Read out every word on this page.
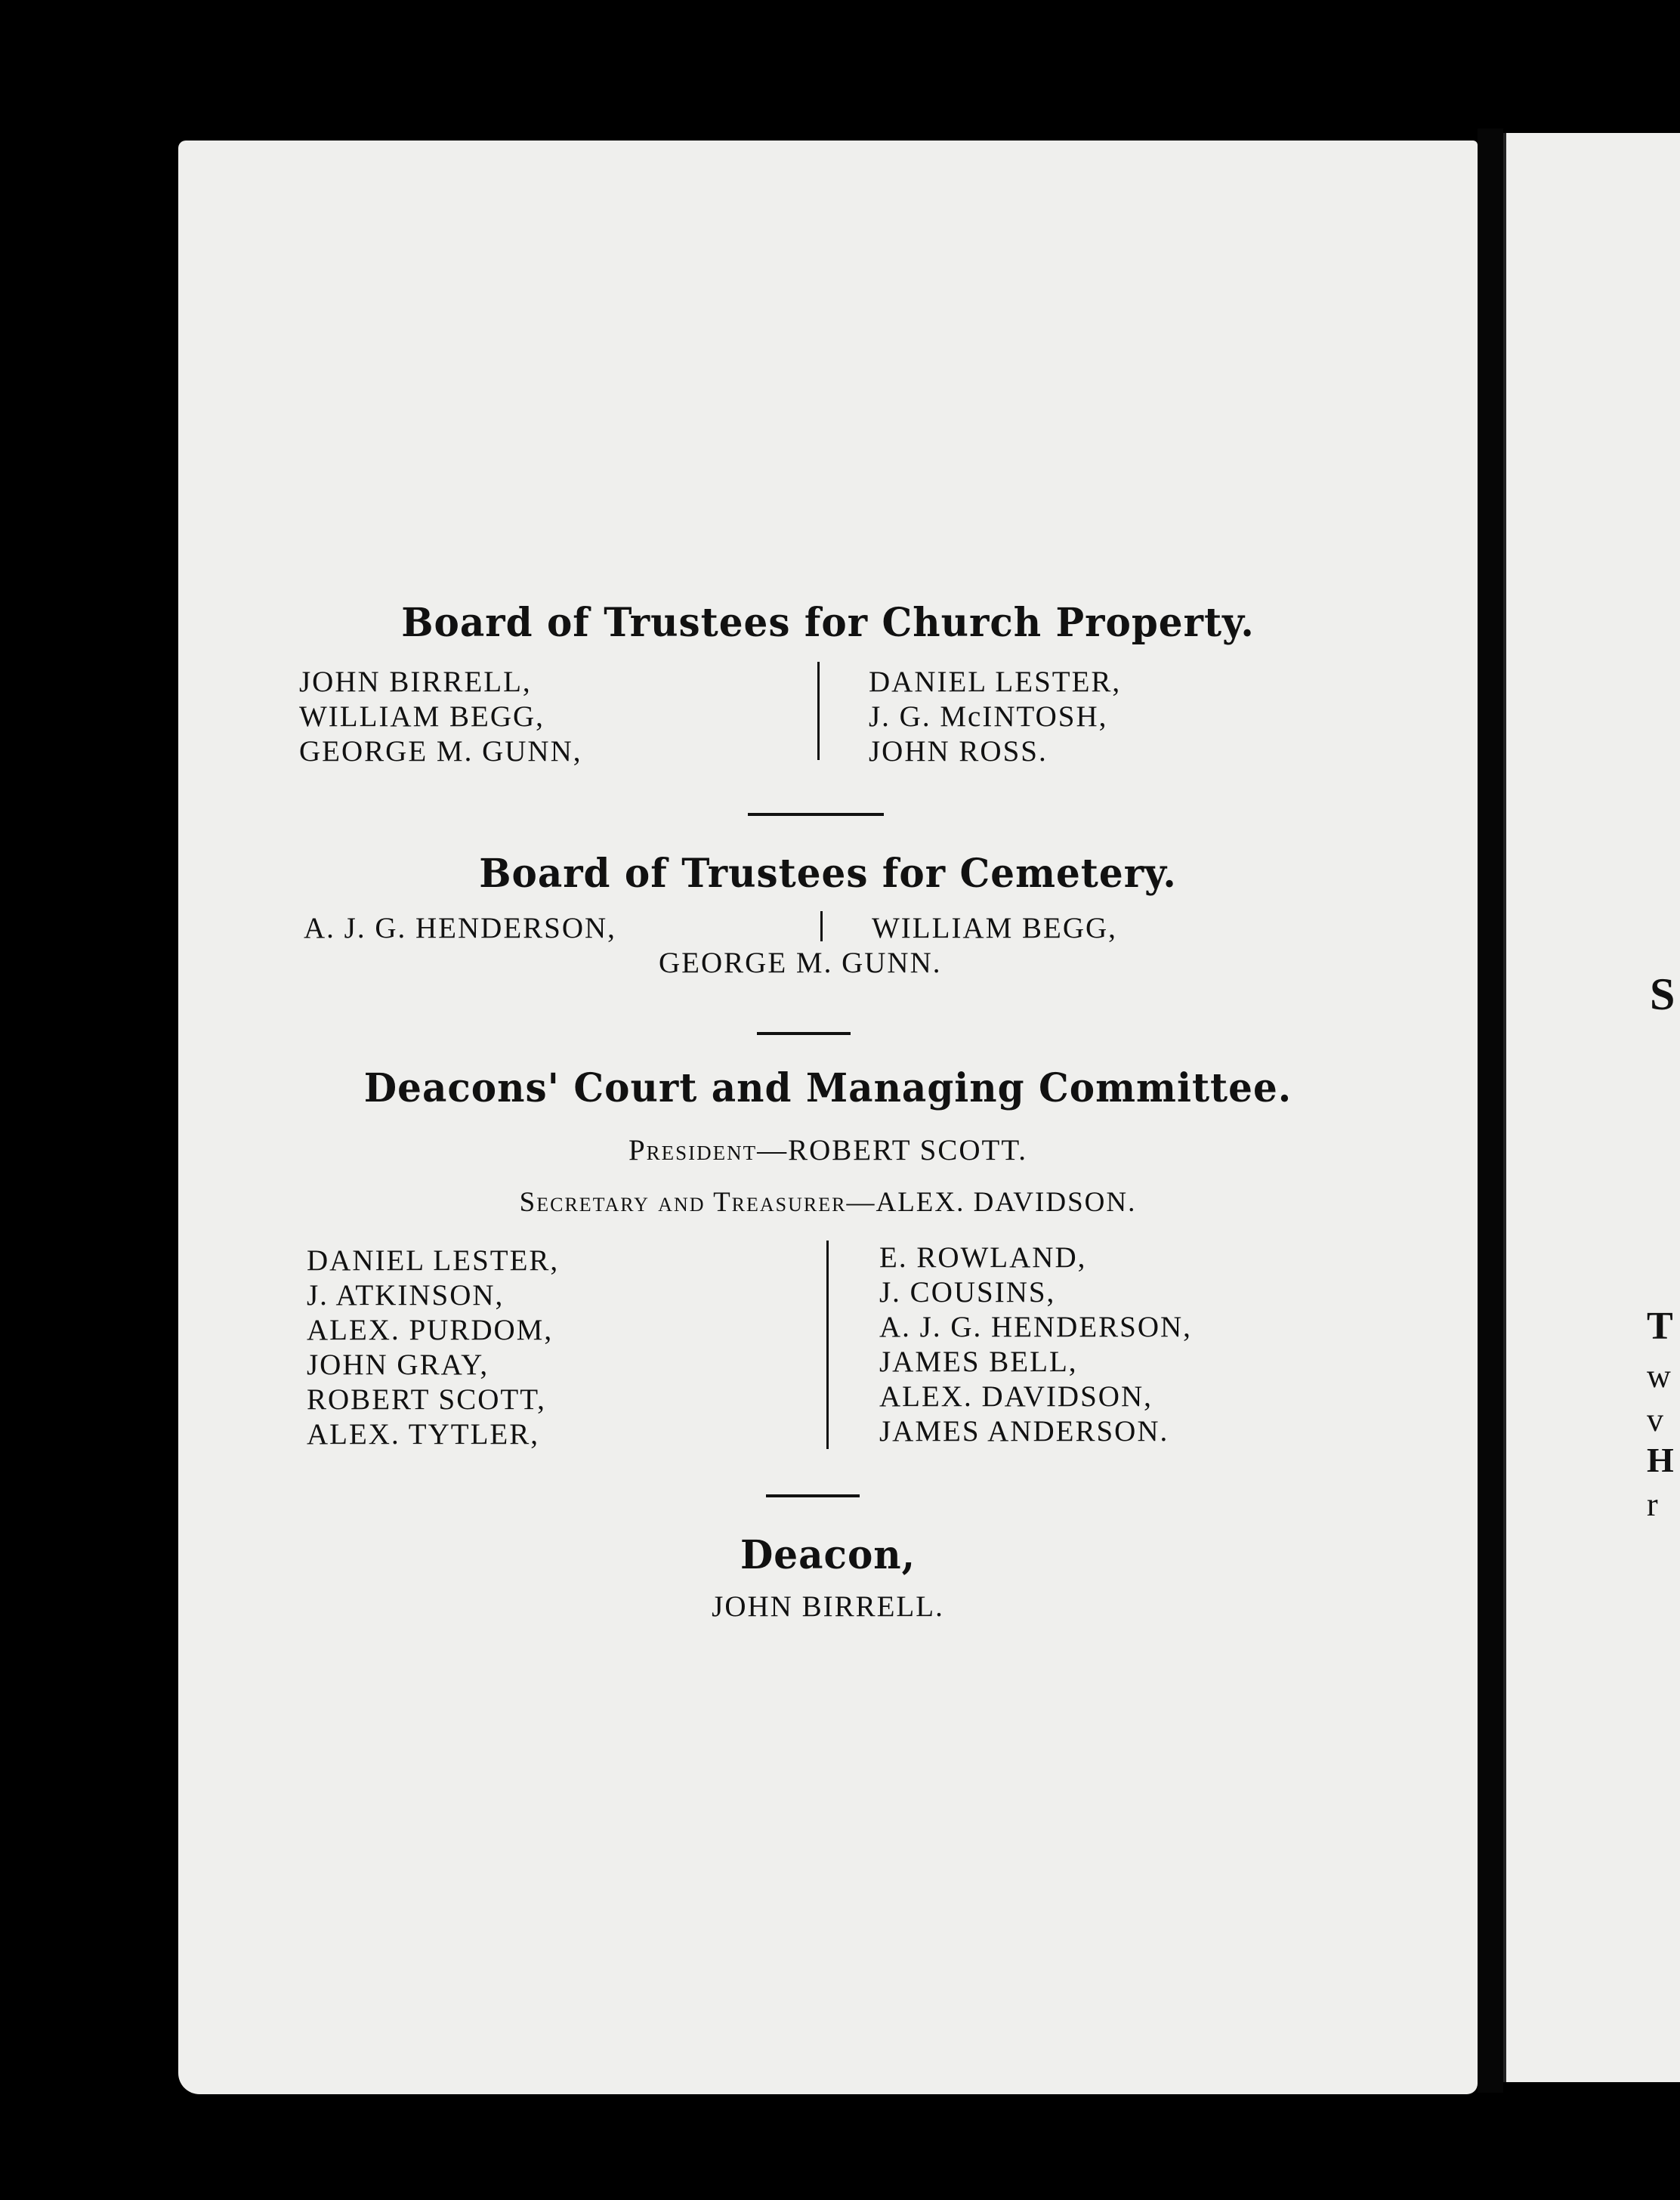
Board of Trustees for Church Property.
JOHN BIRRELL,
WILLIAM BEGG,
GEORGE M. GUNN,
DANIEL LESTER,
J. G. McINTOSH,
JOHN ROSS.
Board of Trustees for Cemetery.
A. J. G. HENDERSON,	WILLIAM BEGG,
GEORGE M. GUNN.
Deacons' Court and Managing Committee.
President—ROBERT SCOTT.
Secretary and Treasurer—ALEX. DAVIDSON.
DANIEL LESTER,
J. ATKINSON,
ALEX. PURDOM,
JOHN GRAY,
ROBERT SCOTT,
ALEX. TYTLER,
E. ROWLAND,
J. COUSINS,
A. J. G. HENDERSON,
JAMES BELL,
ALEX. DAVIDSON,
JAMES ANDERSON.
Deacon,
JOHN BIRRELL.
S
T
w
v
H
r
